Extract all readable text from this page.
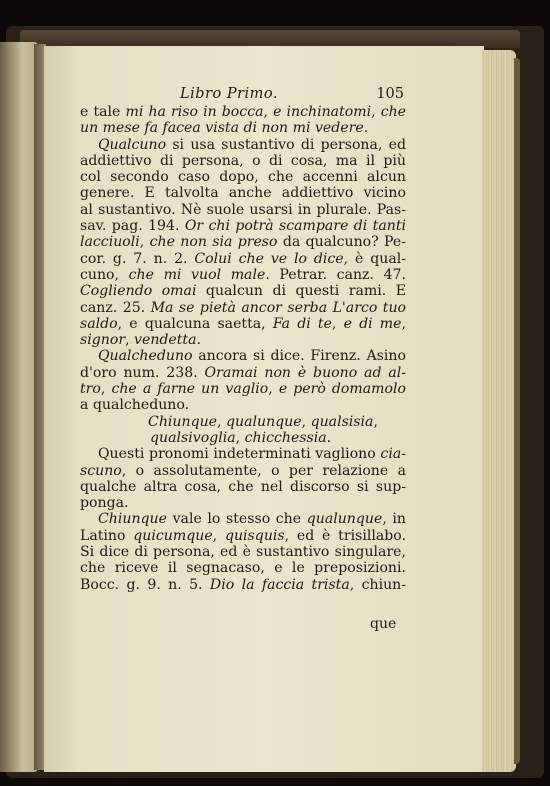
Libro Primo.	105
e tale mi ha riso in bocca, e inchinatomi, che
un mese fa facea vista di non mi vedere.
Qualcuno si usa sustantivo di persona, ed
addiettivo di persona, o di cosa, ma il più
col secondo caso dopo, che accenni alcun
genere. E talvolta anche addiettivo vicino
al sustantivo. Nè suole usarsi in plurale. Pas-
sav. pag. 194. Or chi potrà scampare di tanti
lacciuoli, che non sia preso da qualcuno? Pe-
cor. g. 7. n. 2. Colui che ve lo dice, è qual-
cuno, che mi vuol male. Petrar. canz. 47.
Cogliendo omai qualcun di questi rami. E
canz. 25. Ma se pietà ancor serba L'arco tuo
saldo, e qualcuna saetta, Fa di te, e di me,
signor, vendetta.
Qualcheduno ancora si dice. Firenz. Asino
d'oro num. 238. Oramai non è buono ad al-
tro, che a farne un vaglio, e però domamolo
a qualcheduno.
Chiunque, qualunque, qualsisia,
qualsivoglia, chicchessia.
Questi pronomi indeterminati vagliono cia-
scuno, o assolutamente, o per relazione a
qualche altra cosa, che nel discorso si sup-
ponga.
Chiunque vale lo stesso che qualunque, in
Latino quicumque, quisquis, ed è trisillabo.
Si dice di persona, ed è sustantivo singulare,
che riceve il segnacaso, e le preposizioni.
Bocc. g. 9. n. 5. Dio la faccia trista, chiun-
que
